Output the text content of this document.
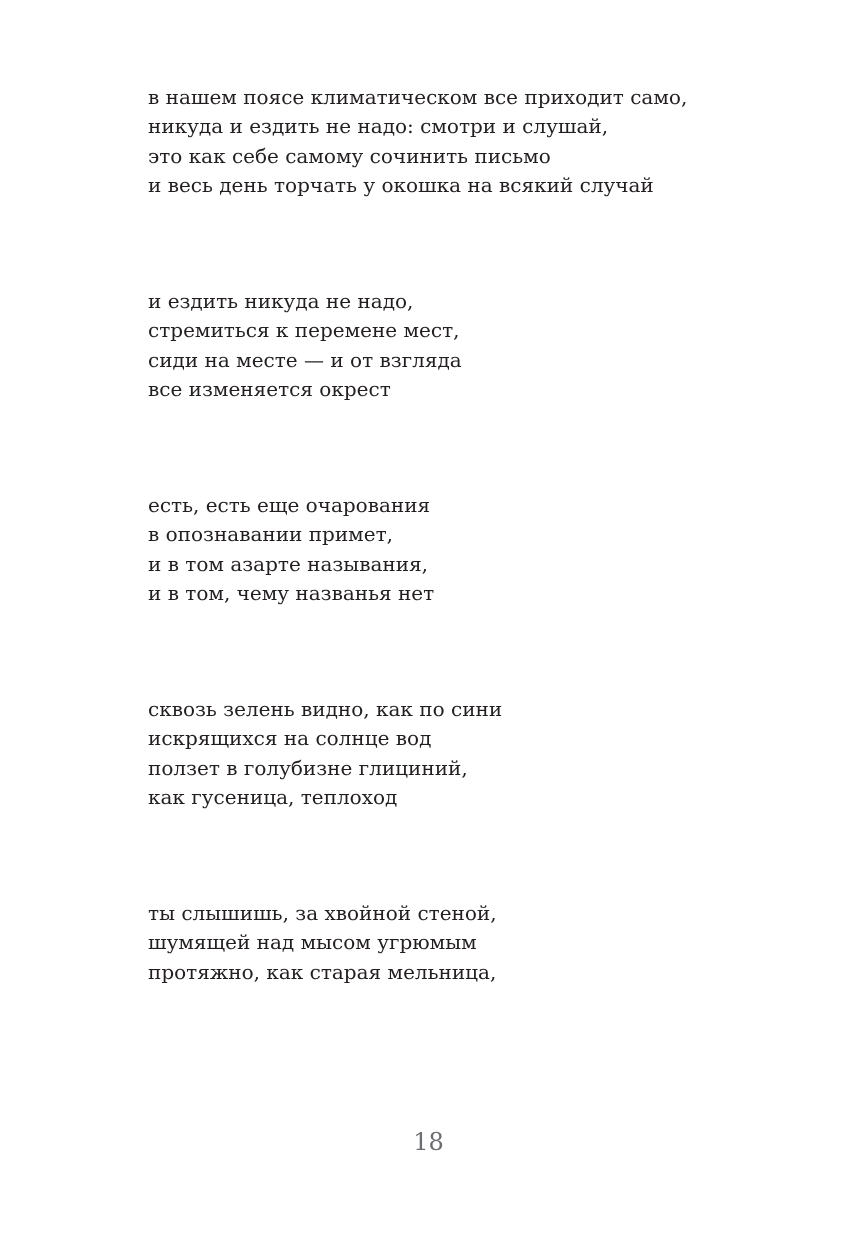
в нашем поясе климатическом все приходит само,
никуда и ездить не надо: смотри и слушай,
это как себе самому сочинить письмо
и весь день торчать у окошка на всякий случай
и ездить никуда не надо,
стремиться к перемене мест,
сиди на месте — и от взгляда
все изменяется окрест
есть, есть еще очарования
в опознавании примет,
и в том азарте называния,
и в том, чему названья нет
сквозь зелень видно, как по сини
искрящихся на солнце вод
ползет в голубизне глициний,
как гусеница, теплоход
ты слышишь, за хвойной стеной,
шумящей над мысом угрюмым
протяжно, как старая мельница,
18
